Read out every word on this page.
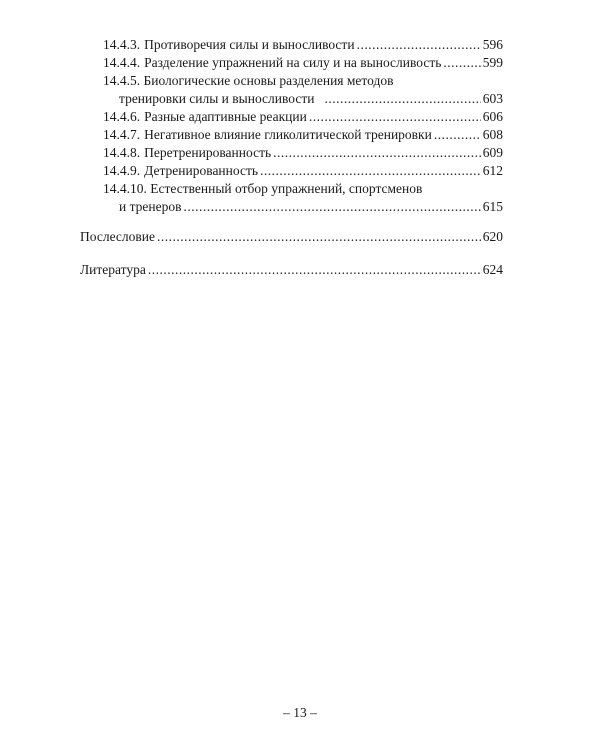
14.4.3. Противоречия силы и выносливости .....	596
14.4.4. Разделение упражнений на силу и на выносливость .....	599
14.4.5. Биологические основы разделения методов
тренировки силы и выносливости .....	603
14.4.6. Разные адаптивные реакции .....	606
14.4.7. Негативное влияние гликолитической тренировки .....	608
14.4.8. Перетренированность .....	609
14.4.9. Детренированность .....	612
14.4.10. Естественный отбор упражнений, спортсменов
и тренеров .....	615
Послесловие .....	620
Литература .....	624
– 13 –
